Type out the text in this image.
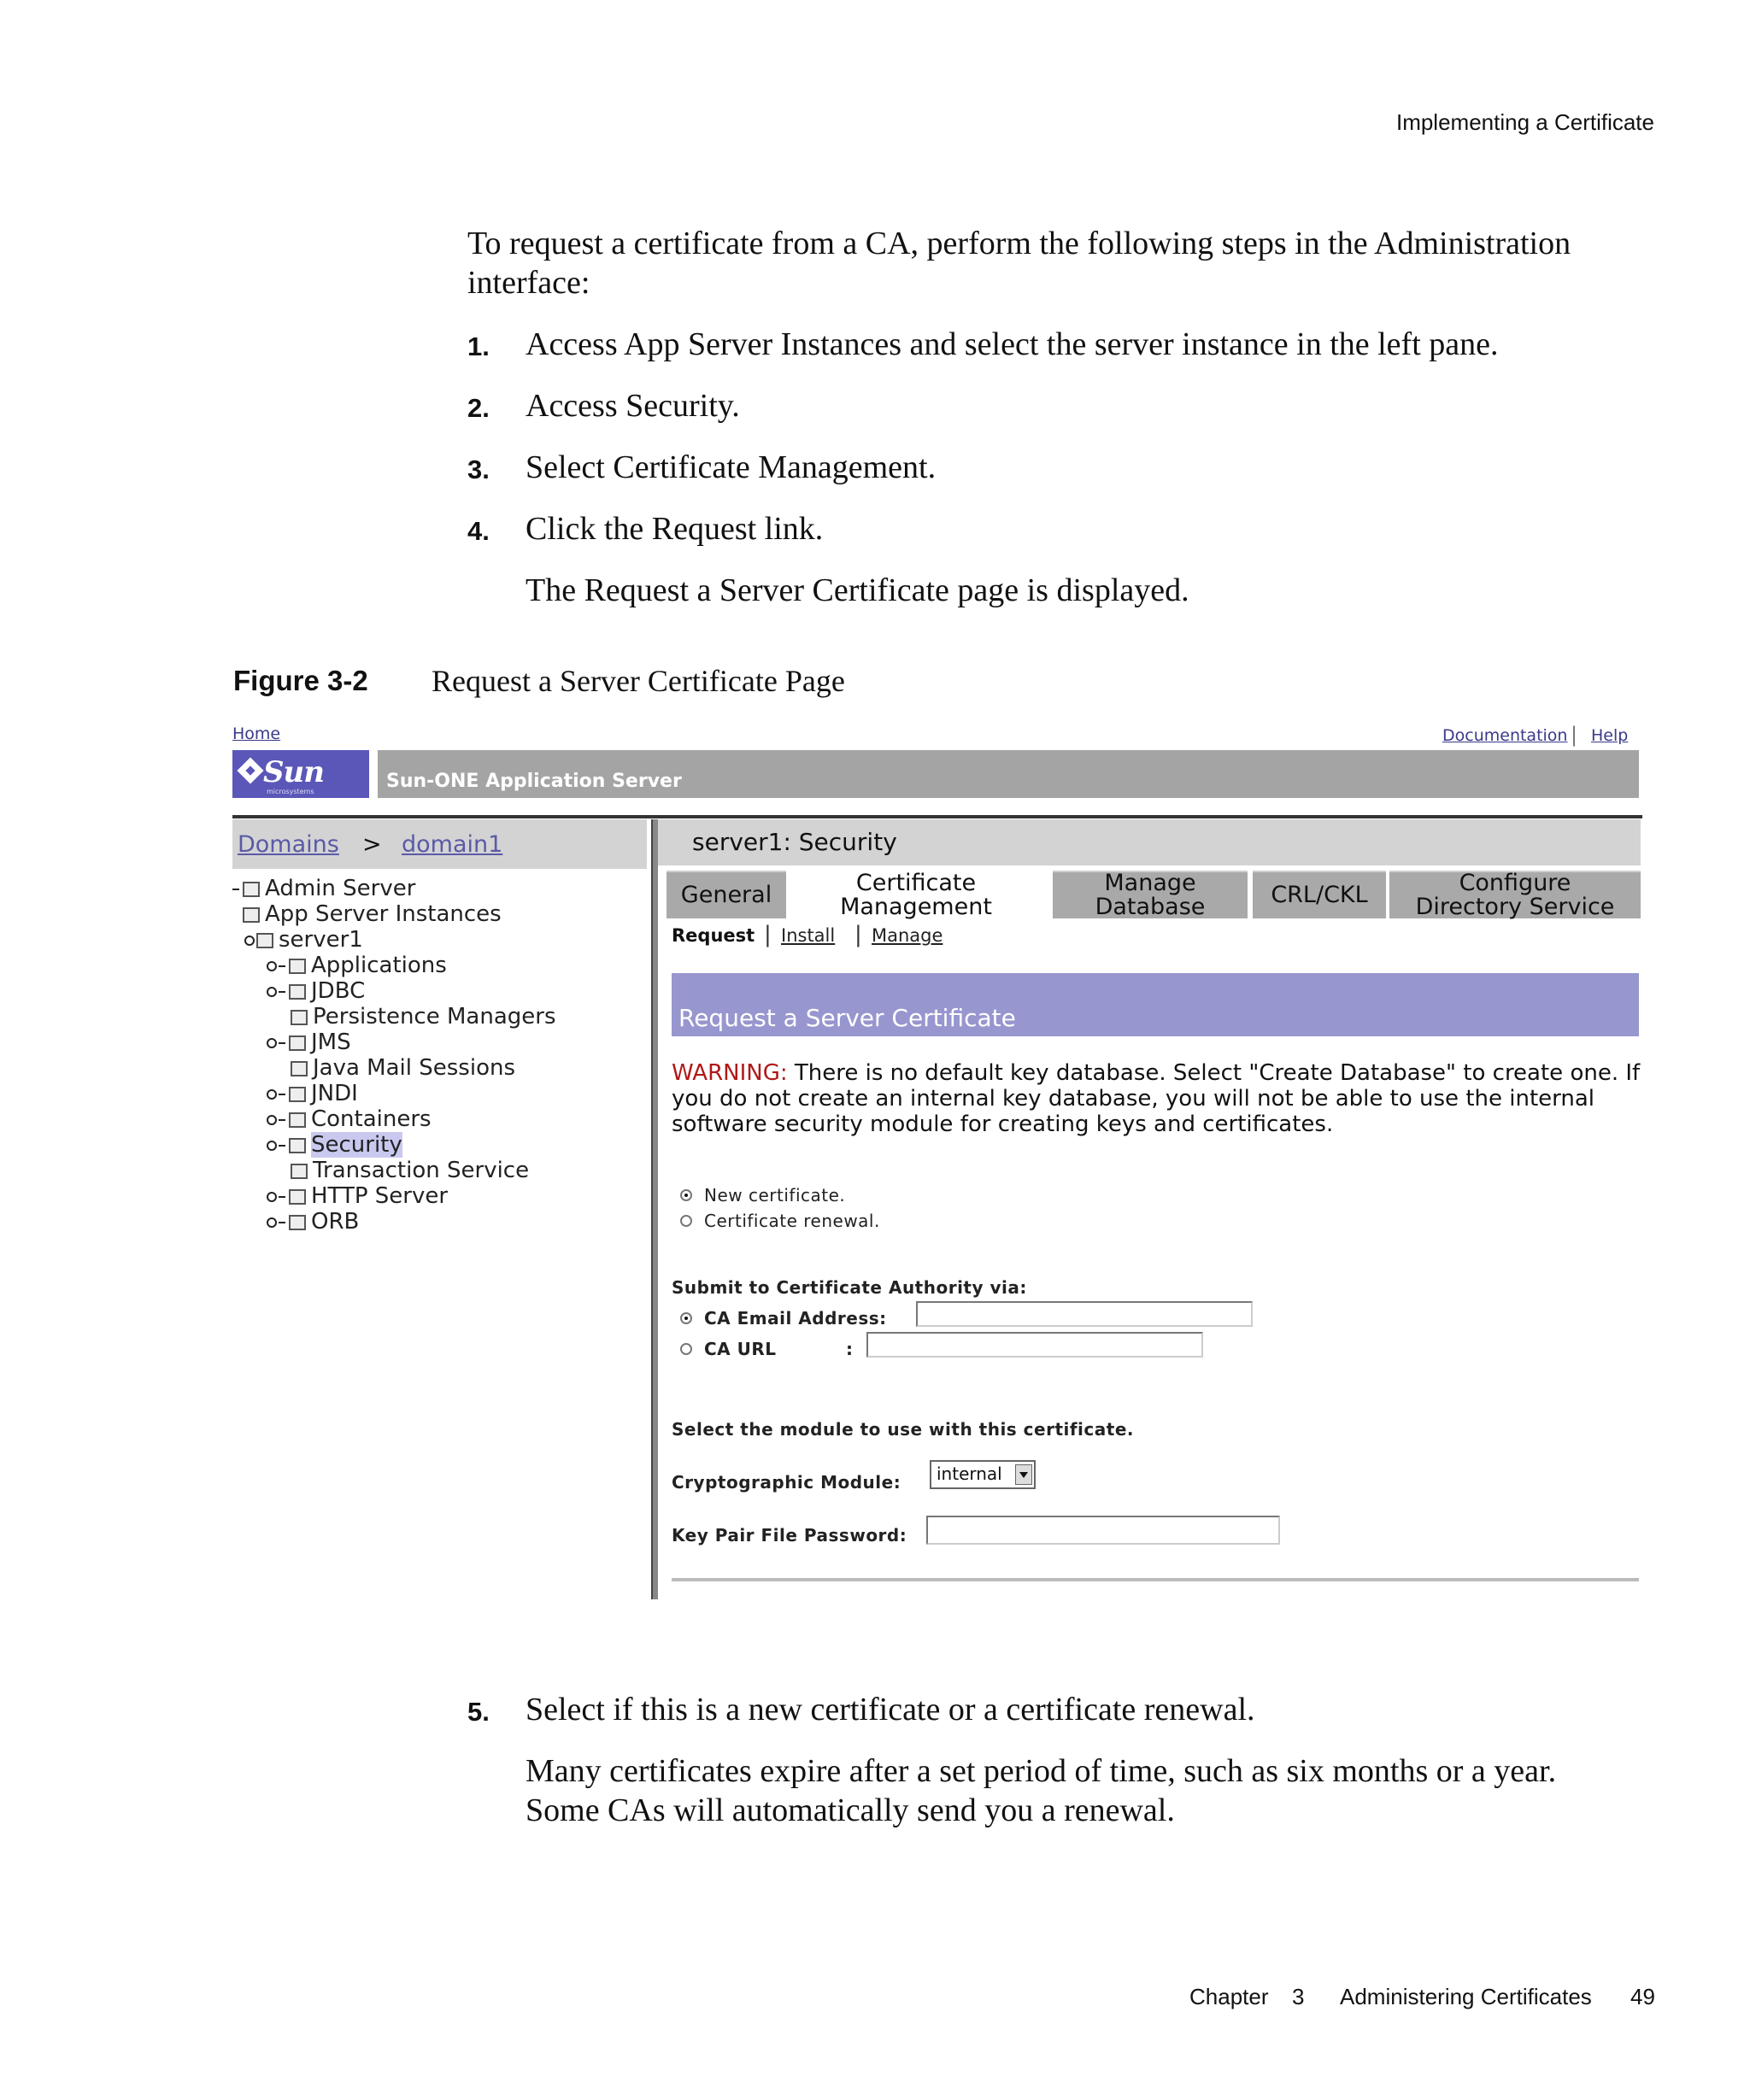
Implementing a Certificate
To request a certificate from a CA, perform the following steps in the Administration interface:
1. Access App Server Instances and select the server instance in the left pane.
2. Access Security.
3. Select Certificate Management.
4. Click the Request link.
The Request a Server Certificate page is displayed.
Figure 3-2 Request a Server Certificate Page
Home	Documentation | Help
Sun
microsystems	Sun-ONE Application Server
Domains > domain1
Admin Server
App Server Instances
server1
Applications
JDBC
Persistence Managers
JMS
Java Mail Sessions
JNDI
Containers
Security
Transaction Service
HTTP Server
ORB
server1: Security
General	Certificate
Management
Manage
Database	CRL/CKL	Configure
Directory Service
Request | Install | Manage
Request a Server Certificate
WARNING: There is no default key database. Select "Create Database" to create one. If you do not create an internal key database, you will not be able to use the internal software security module for creating keys and certificates.
New certificate.
Certificate renewal.
Submit to Certificate Authority via:
CA Email Address:
CA URL	:
Select the module to use with this certificate.
Cryptographic Module:	internal
Key Pair File Password:
5. Select if this is a new certificate or a certificate renewal.
Many certificates expire after a set period of time, such as six months or a year.
Some CAs will automatically send you a renewal.
Chapter 3 Administering Certificates 49
